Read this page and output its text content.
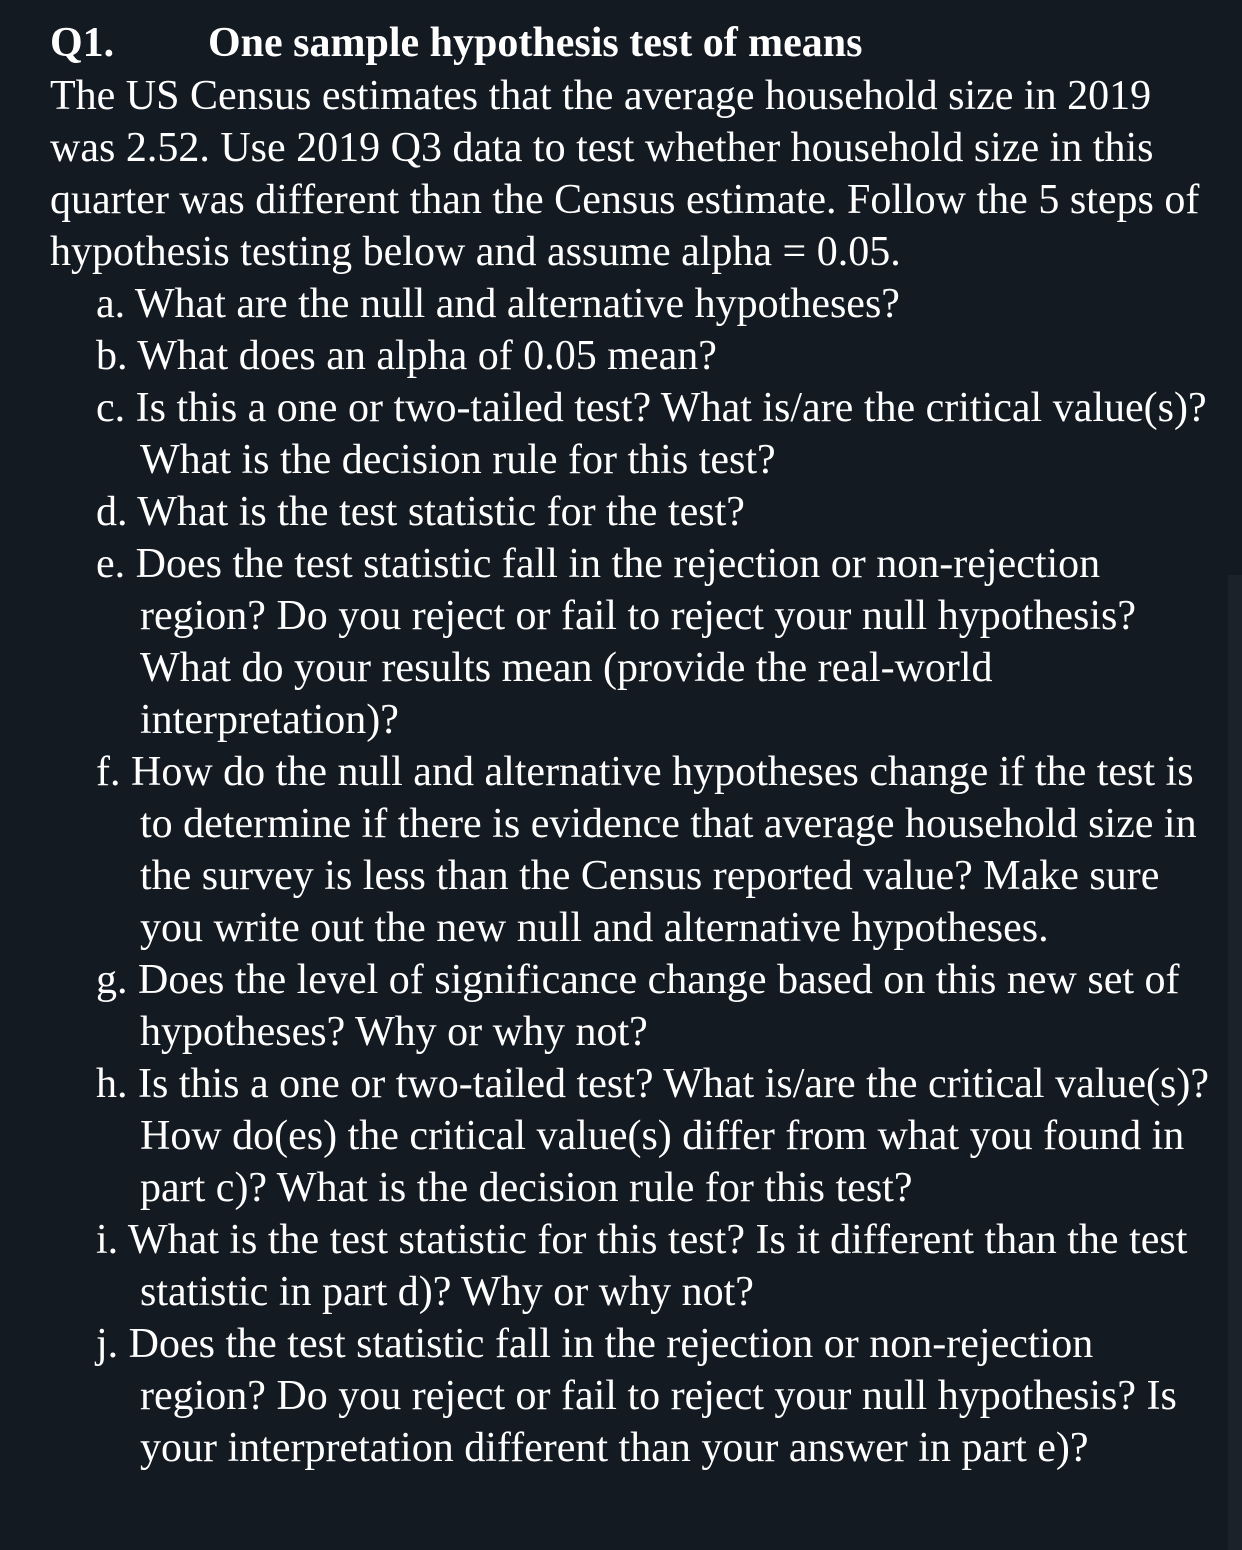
Q1. One sample hypothesis test of means

The US Census estimates that the average household size in 2019 was 2.52. Use 2019 Q3 data to test whether household size in this quarter was different than the Census estimate. Follow the 5 steps of hypothesis testing below and assume alpha = 0.05.

a. What are the null and alternative hypotheses?
b. What does an alpha of 0.05 mean?
c. Is this a one or two-tailed test? What is/are the critical value(s)? What is the decision rule for this test?
d. What is the test statistic for the test?
e. Does the test statistic fall in the rejection or non-rejection region? Do you reject or fail to reject your null hypothesis? What do your results mean (provide the real-world interpretation)?
f. How do the null and alternative hypotheses change if the test is to determine if there is evidence that average household size in the survey is less than the Census reported value? Make sure you write out the new null and alternative hypotheses.
g. Does the level of significance change based on this new set of hypotheses? Why or why not?
h. Is this a one or two-tailed test? What is/are the critical value(s)? How do(es) the critical value(s) differ from what you found in part c)? What is the decision rule for this test?
i. What is the test statistic for this test? Is it different than the test statistic in part d)? Why or why not?
j. Does the test statistic fall in the rejection or non-rejection region? Do you reject or fail to reject your null hypothesis? Is your interpretation different than your answer in part e)?
